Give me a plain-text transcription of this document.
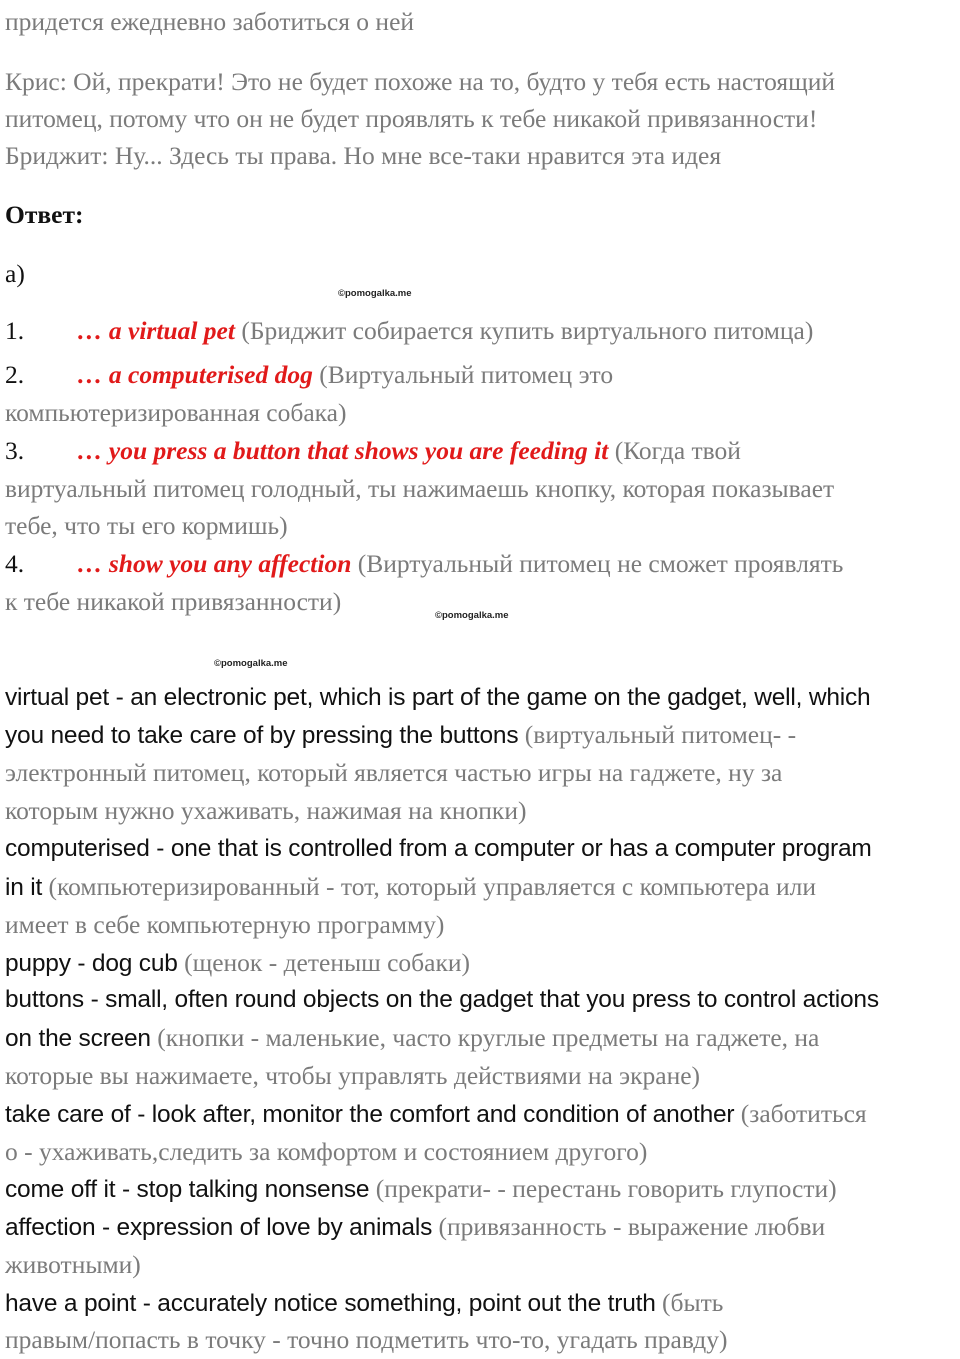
придется ежедневно заботиться о ней
Крис: Ой, прекрати! Это не будет похоже на то, будто у тебя есть настоящий
питомец, потому что он не будет проявлять к тебе никакой привязанности!
Бриджит: Ну... Здесь ты права. Но мне все-таки нравится эта идея
Ответ:
a)
©pomogalka.me
1. … a virtual pet (Бриджит собирается купить виртуального питомца)
2. … a computerised dog (Виртуальный питомец это
компьютеризированная собака)
3. … you press a button that shows you are feeding it (Когда твой
виртуальный питомец голодный, ты нажимаешь кнопку, которая показывает
тебе, что ты его кормишь)
4. … show you any affection (Виртуальный питомец не сможет проявлять
к тебе никакой привязанности)	©pomogalka.me
©pomogalka.me
virtual pet - an electronic pet, which is part of the game on the gadget, well, which
you need to take care of by pressing the buttons (виртуальный питомец- -
электронный питомец, который является частью игры на гаджете, ну за
которым нужно ухаживать, нажимая на кнопки)
computerised - one that is controlled from a computer or has a computer program
in it (компьютеризированный - тот, который управляется с компьютера или
имеет в себе компьютерную программу)
puppy - dog cub (щенок - детеныш собаки)
buttons - small, often round objects on the gadget that you press to control actions
on the screen (кнопки - маленькие, часто круглые предметы на гаджете, на
которые вы нажимаете, чтобы управлять действиями на экране)
take care of - look after, monitor the comfort and condition of another (заботиться
о - ухаживать,следить за комфортом и состоянием другого)
come off it - stop talking nonsense (прекрати- - перестань говорить глупости)
affection - expression of love by animals (привязанность - выражение любви
животными)
have a point - accurately notice something, point out the truth (быть
правым/попасть в точку - точно подметить что-то, угадать правду)
